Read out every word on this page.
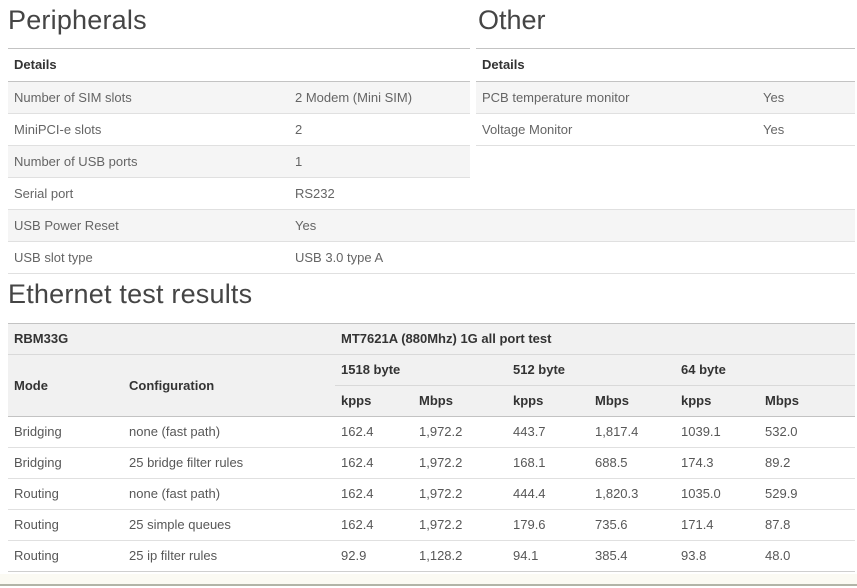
Peripherals
Details	
Number of SIM slots	2 Modem (Mini SIM)
MiniPCI-e slots	2
Number of USB ports	1
Serial port	RS232
USB Power Reset	Yes
USB slot type	USB 3.0 type A
Other
Details	
PCB temperature monitor	Yes
Voltage Monitor	Yes
Ethernet test results
RBM33G		MT7621A (880Mhz) 1G all port test					
Mode	Configuration	1518 byte		512 byte		64 byte	
		kpps	Mbps	kpps	Mbps	kpps	Mbps
Bridging	none (fast path)	162.4	1,972.2	443.7	1,817.4	1039.1	532.0
Bridging	25 bridge filter rules	162.4	1,972.2	168.1	688.5	174.3	89.2
Routing	none (fast path)	162.4	1,972.2	444.4	1,820.3	1035.0	529.9
Routing	25 simple queues	162.4	1,972.2	179.6	735.6	171.4	87.8
Routing	25 ip filter rules	92.9	1,128.2	94.1	385.4	93.8	48.0
